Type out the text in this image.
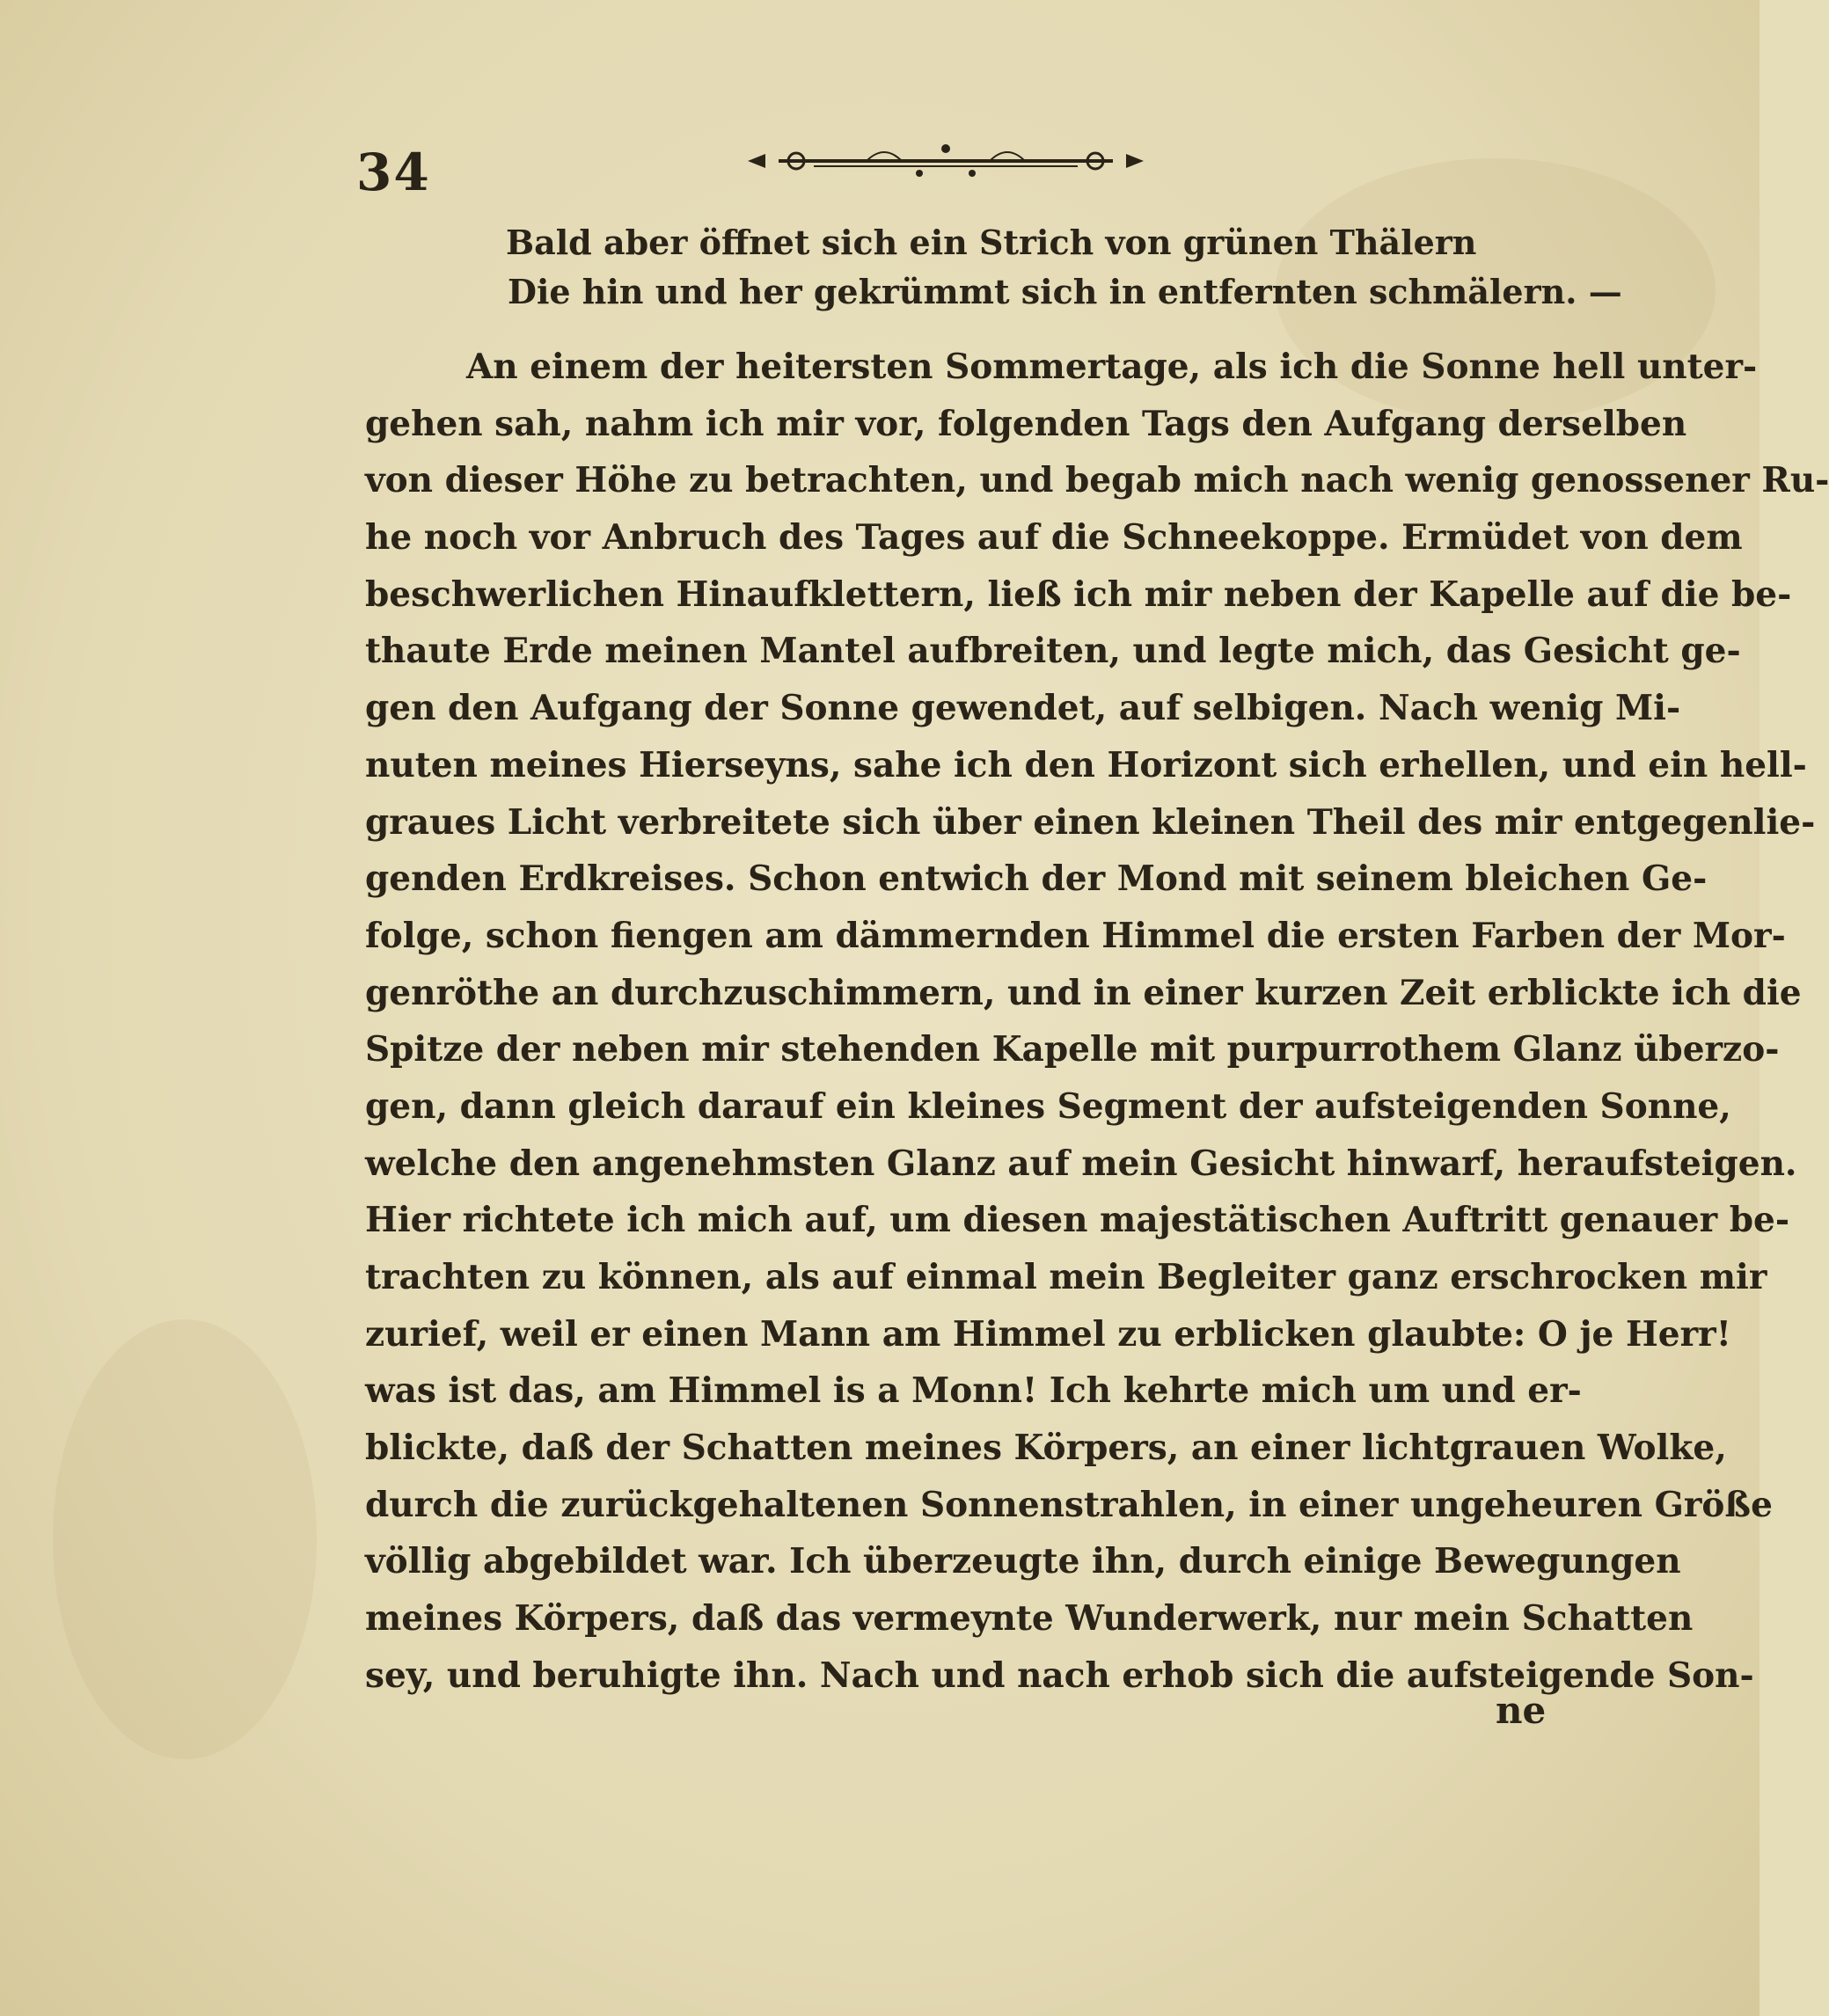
34
Bald aber öffnet sich ein Strich von grünen Thälern
Die hin und her gekrümmt sich in entfernten schmälern. —
An einem der heitersten Sommertage, als ich die Sonne hell unter-
gehen sah, nahm ich mir vor, folgenden Tags den Aufgang derselben
von dieser Höhe zu betrachten, und begab mich nach wenig genossener Ru-
he noch vor Anbruch des Tages auf die Schneekoppe. Ermüdet von dem
beschwerlichen Hinaufklettern, ließ ich mir neben der Kapelle auf die be-
thaute Erde meinen Mantel aufbreiten, und legte mich, das Gesicht ge-
gen den Aufgang der Sonne gewendet, auf selbigen. Nach wenig Mi-
nuten meines Hierseyns, sahe ich den Horizont sich erhellen, und ein hell-
graues Licht verbreitete sich über einen kleinen Theil des mir entgegenlie-
genden Erdkreises. Schon entwich der Mond mit seinem bleichen Ge-
folge, schon fiengen am dämmernden Himmel die ersten Farben der Mor-
genröthe an durchzuschimmern, und in einer kurzen Zeit erblickte ich die
Spitze der neben mir stehenden Kapelle mit purpurrothem Glanz überzo-
gen, dann gleich darauf ein kleines Segment der aufsteigenden Sonne,
welche den angenehmsten Glanz auf mein Gesicht hinwarf, heraufsteigen.
Hier richtete ich mich auf, um diesen majestätischen Auftritt genauer be-
trachten zu können, als auf einmal mein Begleiter ganz erschrocken mir
zurief, weil er einen Mann am Himmel zu erblicken glaubte: O je Herr!
was ist das, am Himmel is a Monn! Ich kehrte mich um und er-
blickte, daß der Schatten meines Körpers, an einer lichtgrauen Wolke,
durch die zurückgehaltenen Sonnenstrahlen, in einer ungeheuren Größe
völlig abgebildet war. Ich überzeugte ihn, durch einige Bewegungen
meines Körpers, daß das vermeynte Wunderwerk, nur mein Schatten
sey, und beruhigte ihn. Nach und nach erhob sich die aufsteigende Son-
ne
